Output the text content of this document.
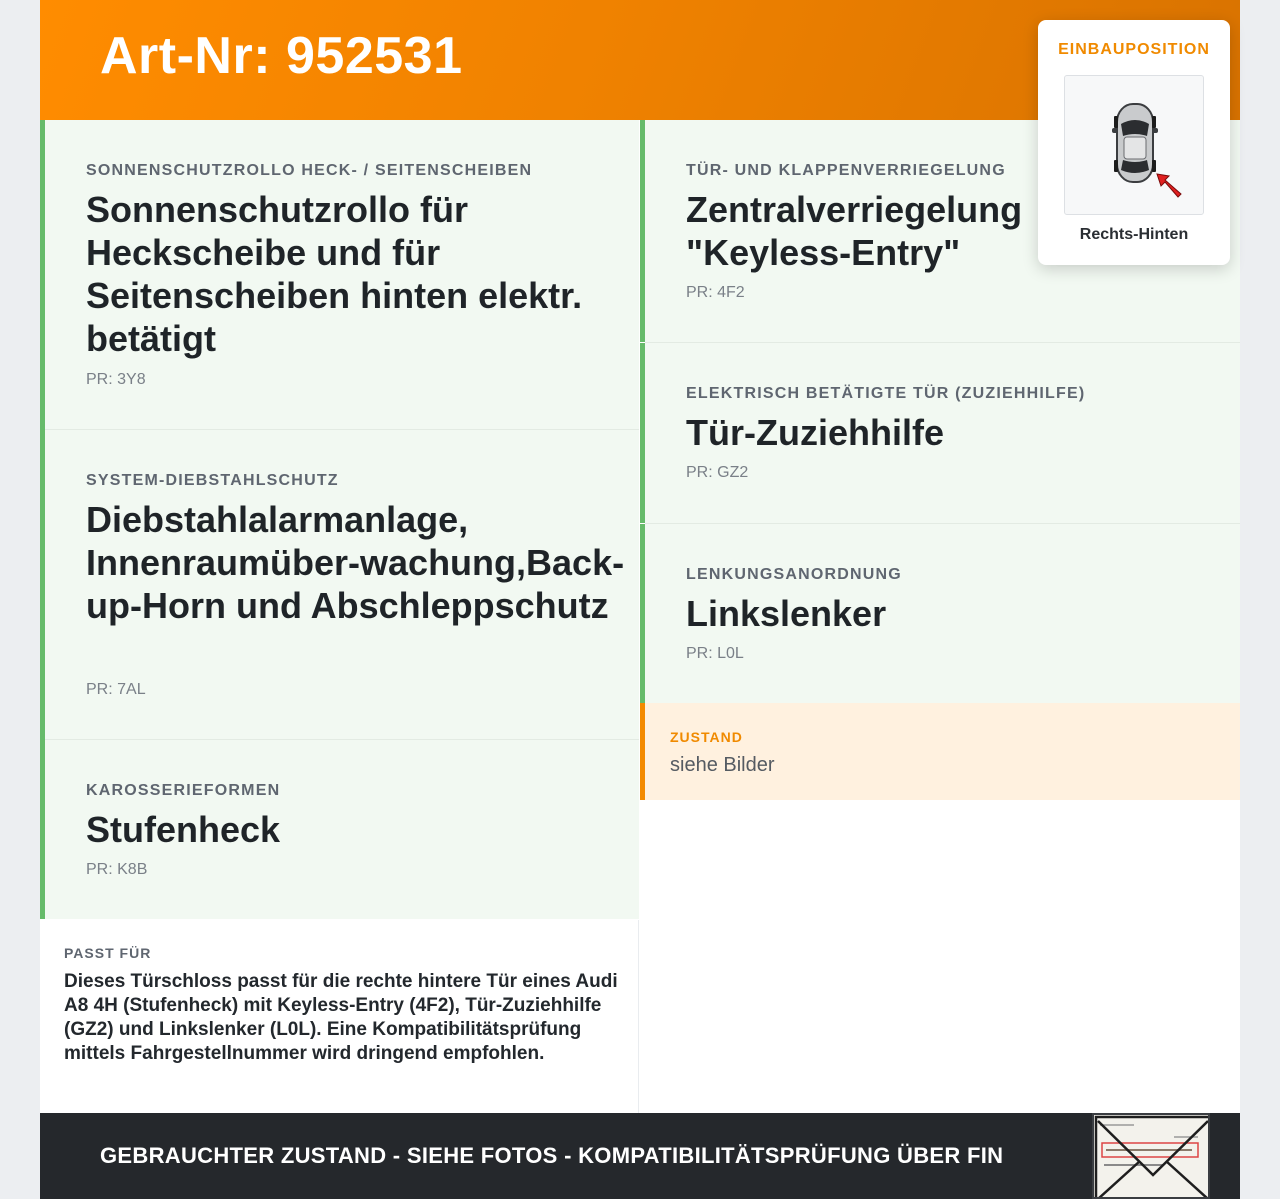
Art-Nr: 952531
SONNENSCHUTZROLLO HECK- / SEITENSCHEIBEN
Sonnenschutzrollo für Heckscheibe und für Seitenscheiben hinten elektr. betätigt
PR: 3Y8
SYSTEM-DIEBSTAHLSCHUTZ
Diebstahlalarmanlage, Innenraumüber-wachung,Back-up-Horn und Abschleppschutz
PR: 7AL
KAROSSERIEFORMEN
Stufenheck
PR: K8B
TÜR- UND KLAPPENVERRIEGELUNG
Zentralverriegelung "Keyless-Entry"
PR: 4F2
ELEKTRISCH BETÄTIGTE TÜR (ZUZIEHHILFE)
Tür-Zuziehhilfe
PR: GZ2
LENKUNGSANORDNUNG
Linkslenker
PR: L0L
ZUSTAND
siehe Bilder
PASST FÜR
Dieses Türschloss passt für die rechte hintere Tür eines Audi A8 4H (Stufenheck) mit Keyless-Entry (4F2), Tür-Zuziehhilfe (GZ2) und Linkslenker (L0L). Eine Kompatibilitätsprüfung mittels Fahrgestellnummer wird dringend empfohlen.
GEBRAUCHTER ZUSTAND - SIEHE FOTOS - KOMPATIBILITÄTSPRÜFUNG ÜBER FIN
EINBAUPOSITION
Rechts-Hinten
